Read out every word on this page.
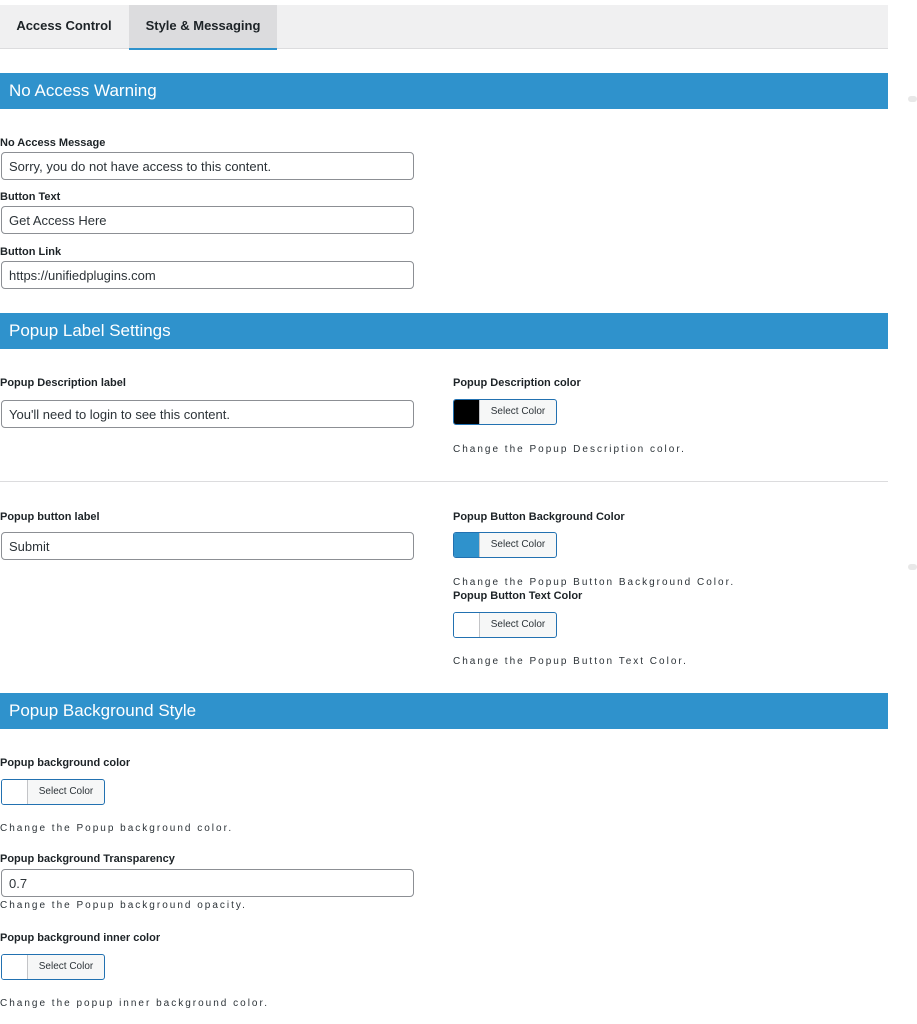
Access Control	Style & Messaging
No Access Warning
No Access Message
Sorry, you do not have access to this content.
Button Text
Get Access Here
Button Link
https://unifiedplugins.com
Popup Label Settings
Popup Description label
You'll need to login to see this content.	Popup Description color
Select Color
Change the Popup Description color.
Popup button label
Submit	Popup Button Background Color
Select Color
Change the Popup Button Background Color.
Popup Button Text Color
Select Color
Change the Popup Button Text Color.
Popup Background Style
Popup background color
Select Color
Change the Popup background color.
Popup background Transparency
0.7
Change the Popup background opacity.
Popup background inner color
Select Color
Change the popup inner background color.
